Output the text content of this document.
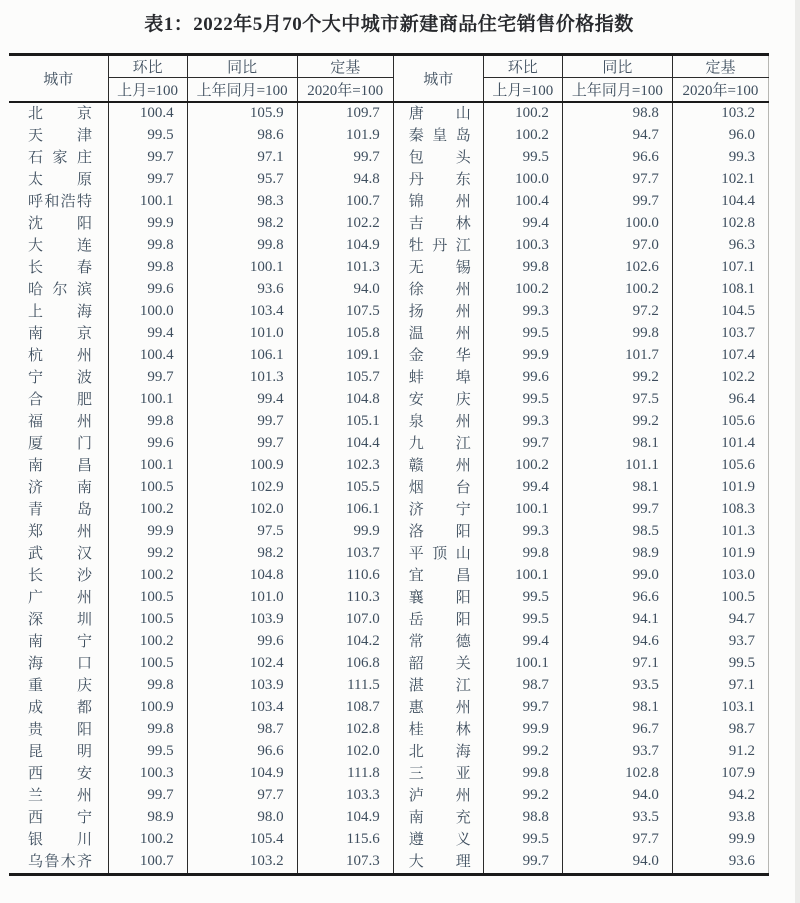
表1：2022年5月70个大中城市新建商品住宅销售价格指数
城市	环比	同比	定基	城市	环比	同比	定基
	上月=100	上年同月=100	2020年=100		上月=100	上年同月=100	2020年=100

北京	100.4	105.9	109.7	唐山	100.2	98.8	103.2

天津	99.5	98.6	101.9	秦皇岛	100.2	94.7	96.0

石家庄	99.7	97.1	99.7	包头	99.5	96.6	99.3

太原	99.7	95.7	94.8	丹东	100.0	97.7	102.1

呼和浩特	100.1	98.3	100.7	锦州	100.4	99.7	104.4

沈阳	99.9	98.2	102.2	吉林	99.4	100.0	102.8

大连	99.8	99.8	104.9	牡丹江	100.3	97.0	96.3

长春	99.8	100.1	101.3	无锡	99.8	102.6	107.1

哈尔滨	99.6	93.6	94.0	徐州	100.2	100.2	108.1

上海	100.0	103.4	107.5	扬州	99.3	97.2	104.5

南京	99.4	101.0	105.8	温州	99.5	99.8	103.7

杭州	100.4	106.1	109.1	金华	99.9	101.7	107.4

宁波	99.7	101.3	105.7	蚌埠	99.6	99.2	102.2

合肥	100.1	99.4	104.8	安庆	99.5	97.5	96.4

福州	99.8	99.7	105.1	泉州	99.3	99.2	105.6

厦门	99.6	99.7	104.4	九江	99.7	98.1	101.4

南昌	100.1	100.9	102.3	赣州	100.2	101.1	105.6

济南	100.5	102.9	105.5	烟台	99.4	98.1	101.9

青岛	100.2	102.0	106.1	济宁	100.1	99.7	108.3

郑州	99.9	97.5	99.9	洛阳	99.3	98.5	101.3

武汉	99.2	98.2	103.7	平顶山	99.8	98.9	101.9

长沙	100.2	104.8	110.6	宜昌	100.1	99.0	103.0

广州	100.5	101.0	110.3	襄阳	99.5	96.6	100.5

深圳	100.5	103.9	107.0	岳阳	99.5	94.1	94.7

南宁	100.2	99.6	104.2	常德	99.4	94.6	93.7

海口	100.5	102.4	106.8	韶关	100.1	97.1	99.5

重庆	99.8	103.9	111.5	湛江	98.7	93.5	97.1

成都	100.9	103.4	108.7	惠州	99.7	98.1	103.1

贵阳	99.8	98.7	102.8	桂林	99.9	96.7	98.7

昆明	99.5	96.6	102.0	北海	99.2	93.7	91.2

西安	100.3	104.9	111.8	三亚	99.8	102.8	107.9

兰州	99.7	97.7	103.3	泸州	99.2	94.0	94.2

西宁	98.9	98.0	104.9	南充	98.8	93.5	93.8

银川	100.2	105.4	115.6	遵义	99.5	97.7	99.9

乌鲁木齐	100.7	103.2	107.3	大理	99.7	94.0	93.6
